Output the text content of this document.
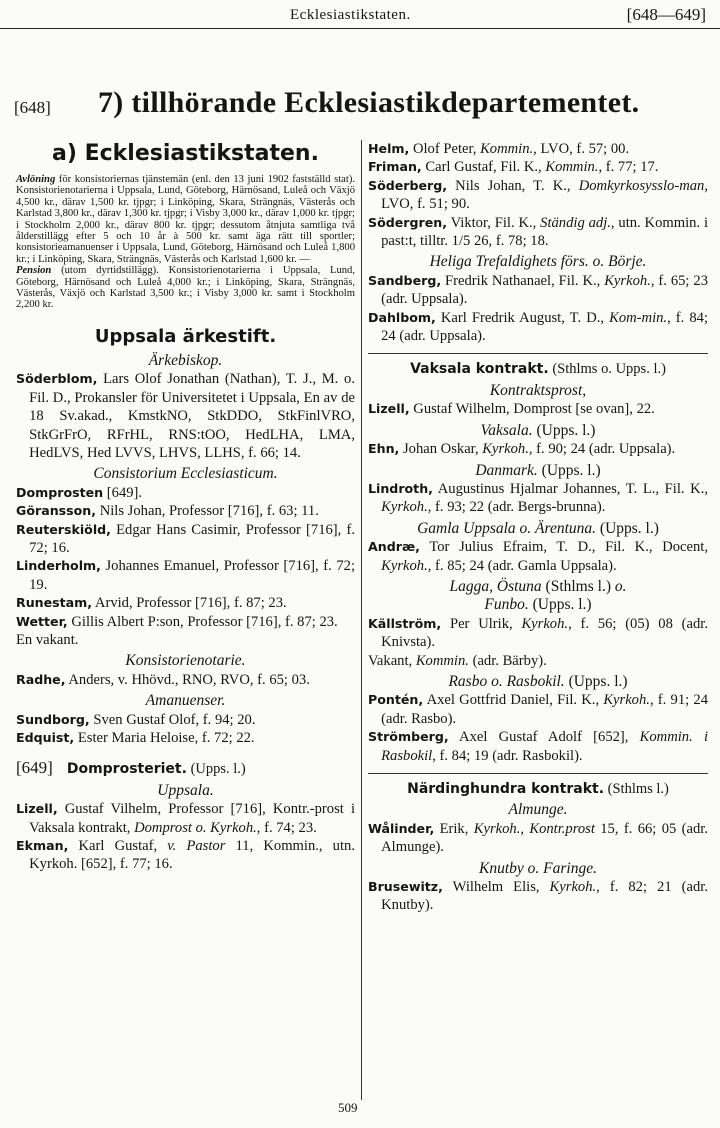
Ecklesiastikstaten.	[648—649]
[648] 7) tillhörande Ecklesiastikdepartementet.
a) Ecklesiastikstaten.

Avlöning för konsistoriernas tjänstemän (enl. den 13 juni 1902 fastställd stat). Konsistorienotarierna i Uppsala, Lund, Göteborg, Härnösand, Luleå och Växjö 4,500 kr., därav 1,500 kr. tjpgr; i Linköping, Skara, Strängnäs, Västerås och Karlstad 3,800 kr., därav 1,300 kr. tjpgr; i Visby 3,000 kr., därav 1,000 kr. tjpgr; i Stockholm 2,000 kr., därav 800 kr. tjpgr; dessutom åtnjuta samtliga två ålderstillägg efter 5 och 10 år à 500 kr. samt äga rätt till sportler; konsistorieamanuenser i Uppsala, Lund, Göteborg, Härnösand och Luleå 1,800 kr.; i Linköping, Skara, Strängnäs, Västerås och Karlstad 1,600 kr. —

Pension (utom dyrtidstillägg). Konsistorienotarierna i Uppsala, Lund, Göteborg, Härnösand och Luleå 4,000 kr.; i Linköping, Skara, Strängnäs, Västerås, Växjö och Karlstad 3,500 kr.; i Visby 3,000 kr. samt i Stockholm 2,200 kr.

Uppsala ärkestift.
Ärkebiskop.

Söderblom, Lars Olof Jonathan (Nathan), T. J., M. o. Fil. D., Prokansler för Universitetet i Uppsala, En av de 18 Sv.akad., KmstkNO, StkDDO, StkFinlVRO, StkGrFrO, RFrHL, RNS:tOO, HedLHA, LMA, HedLVS, Hed LVVS, LHVS, LLHS, f. 66; 14.

Consistorium Ecclesiasticum.

Domprosten [649].

Göransson, Nils Johan, Professor [716], f. 63; 11.

Reuterskiöld, Edgar Hans Casimir, Professor [716], f. 72; 16.

Linderholm, Johannes Emanuel, Professor [716], f. 72; 19.

Runestam, Arvid, Professor [716], f. 87; 23.

Wetter, Gillis Albert P:son, Professor [716], f. 87; 23.

En vakant.

Konsistorienotarie.

Radhe, Anders, v. Hhövd., RNO, RVO, f. 65; 03.

Amanuenser.

Sundborg, Sven Gustaf Olof, f. 94; 20.

Edquist, Ester Maria Heloise, f. 72; 22.

[649] Domprosteriet. (Upps. l.)
Uppsala.

Lizell, Gustaf Vilhelm, Professor [716], Kontr.-prost i Vaksala kontrakt, Domprost o. Kyrkoh., f. 74; 23.

Ekman, Karl Gustaf, v. Pastor 11, Kommin., utn. Kyrkoh. [652], f. 77; 16.

Helm, Olof Peter, Kommin., LVO, f. 57; 00.

Friman, Carl Gustaf, Fil. K., Kommin., f. 77; 17.

Söderberg, Nils Johan, T. K., Domkyrkosysslo-man, LVO, f. 51; 90.

Södergren, Viktor, Fil. K., Ständig adj., utn. Kommin. i past:t, tilltr. 1/5 26, f. 78; 18.

Heliga Trefaldighets förs. o. Börje.

Sandberg, Fredrik Nathanael, Fil. K., Kyrkoh., f. 65; 23 (adr. Uppsala).

Dahlbom, Karl Fredrik August, T. D., Kom-min., f. 84; 24 (adr. Uppsala).

Vaksala kontrakt. (Sthlms o. Upps. l.)
Kontraktsprost,

Lizell, Gustaf Wilhelm, Domprost [se ovan], 22.

Vaksala. (Upps. l.)

Ehn, Johan Oskar, Kyrkoh., f. 90; 24 (adr. Uppsala).

Danmark. (Upps. l.)

Lindroth, Augustinus Hjalmar Johannes, T. L., Fil. K., Kyrkoh., f. 93; 22 (adr. Bergs-brunna).

Gamla Uppsala o. Ärentuna. (Upps. l.)

Andræ, Tor Julius Efraim, T. D., Fil. K., Docent, Kyrkoh., f. 85; 24 (adr. Gamla Uppsala).

Lagga, Östuna (Sthlms l.) o.
Funbo. (Upps. l.)

Källström, Per Ulrik, Kyrkoh., f. 56; (05) 08 (adr. Knivsta).

Vakant, Kommin. (adr. Bärby).

Rasbo o. Rasbokil. (Upps. l.)

Pontén, Axel Gottfrid Daniel, Fil. K., Kyrkoh., f. 91; 24 (adr. Rasbo).

Strömberg, Axel Gustaf Adolf [652], Kommin. i Rasbokil, f. 84; 19 (adr. Rasbokil).

Närdinghundra kontrakt. (Sthlms l.)
Almunge.

Wålinder, Erik, Kyrkoh., Kontr.prost 15, f. 66; 05 (adr. Almunge).

Knutby o. Faringe.

Brusewitz, Wilhelm Elis, Kyrkoh., f. 82; 21 (adr. Knutby).

509
